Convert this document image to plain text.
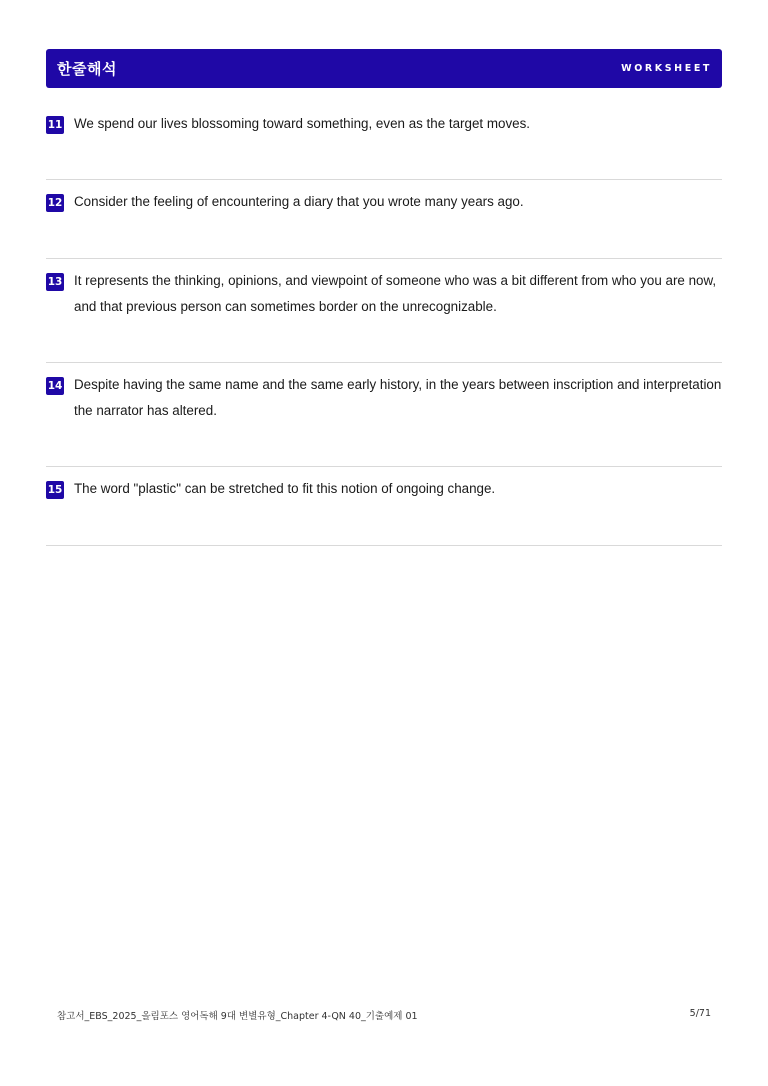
한줄해석	WORKSHEET
11 We spend our lives blossoming toward something, even as the target moves.

12 Consider the feeling of encountering a diary that you wrote many years ago.

13 It represents the thinking, opinions, and viewpoint of someone who was a bit different from who you are now, and that previous person can sometimes border on the unrecognizable.

14 Despite having the same name and the same early history, in the years between inscription and interpretation the narrator has altered.

15 The word "plastic" can be stretched to fit this notion of ongoing change.

참고서_EBS_2025_올림포스 영어독해 9대 변별유형_Chapter 4-QN 40_기출예제 01	5/71
